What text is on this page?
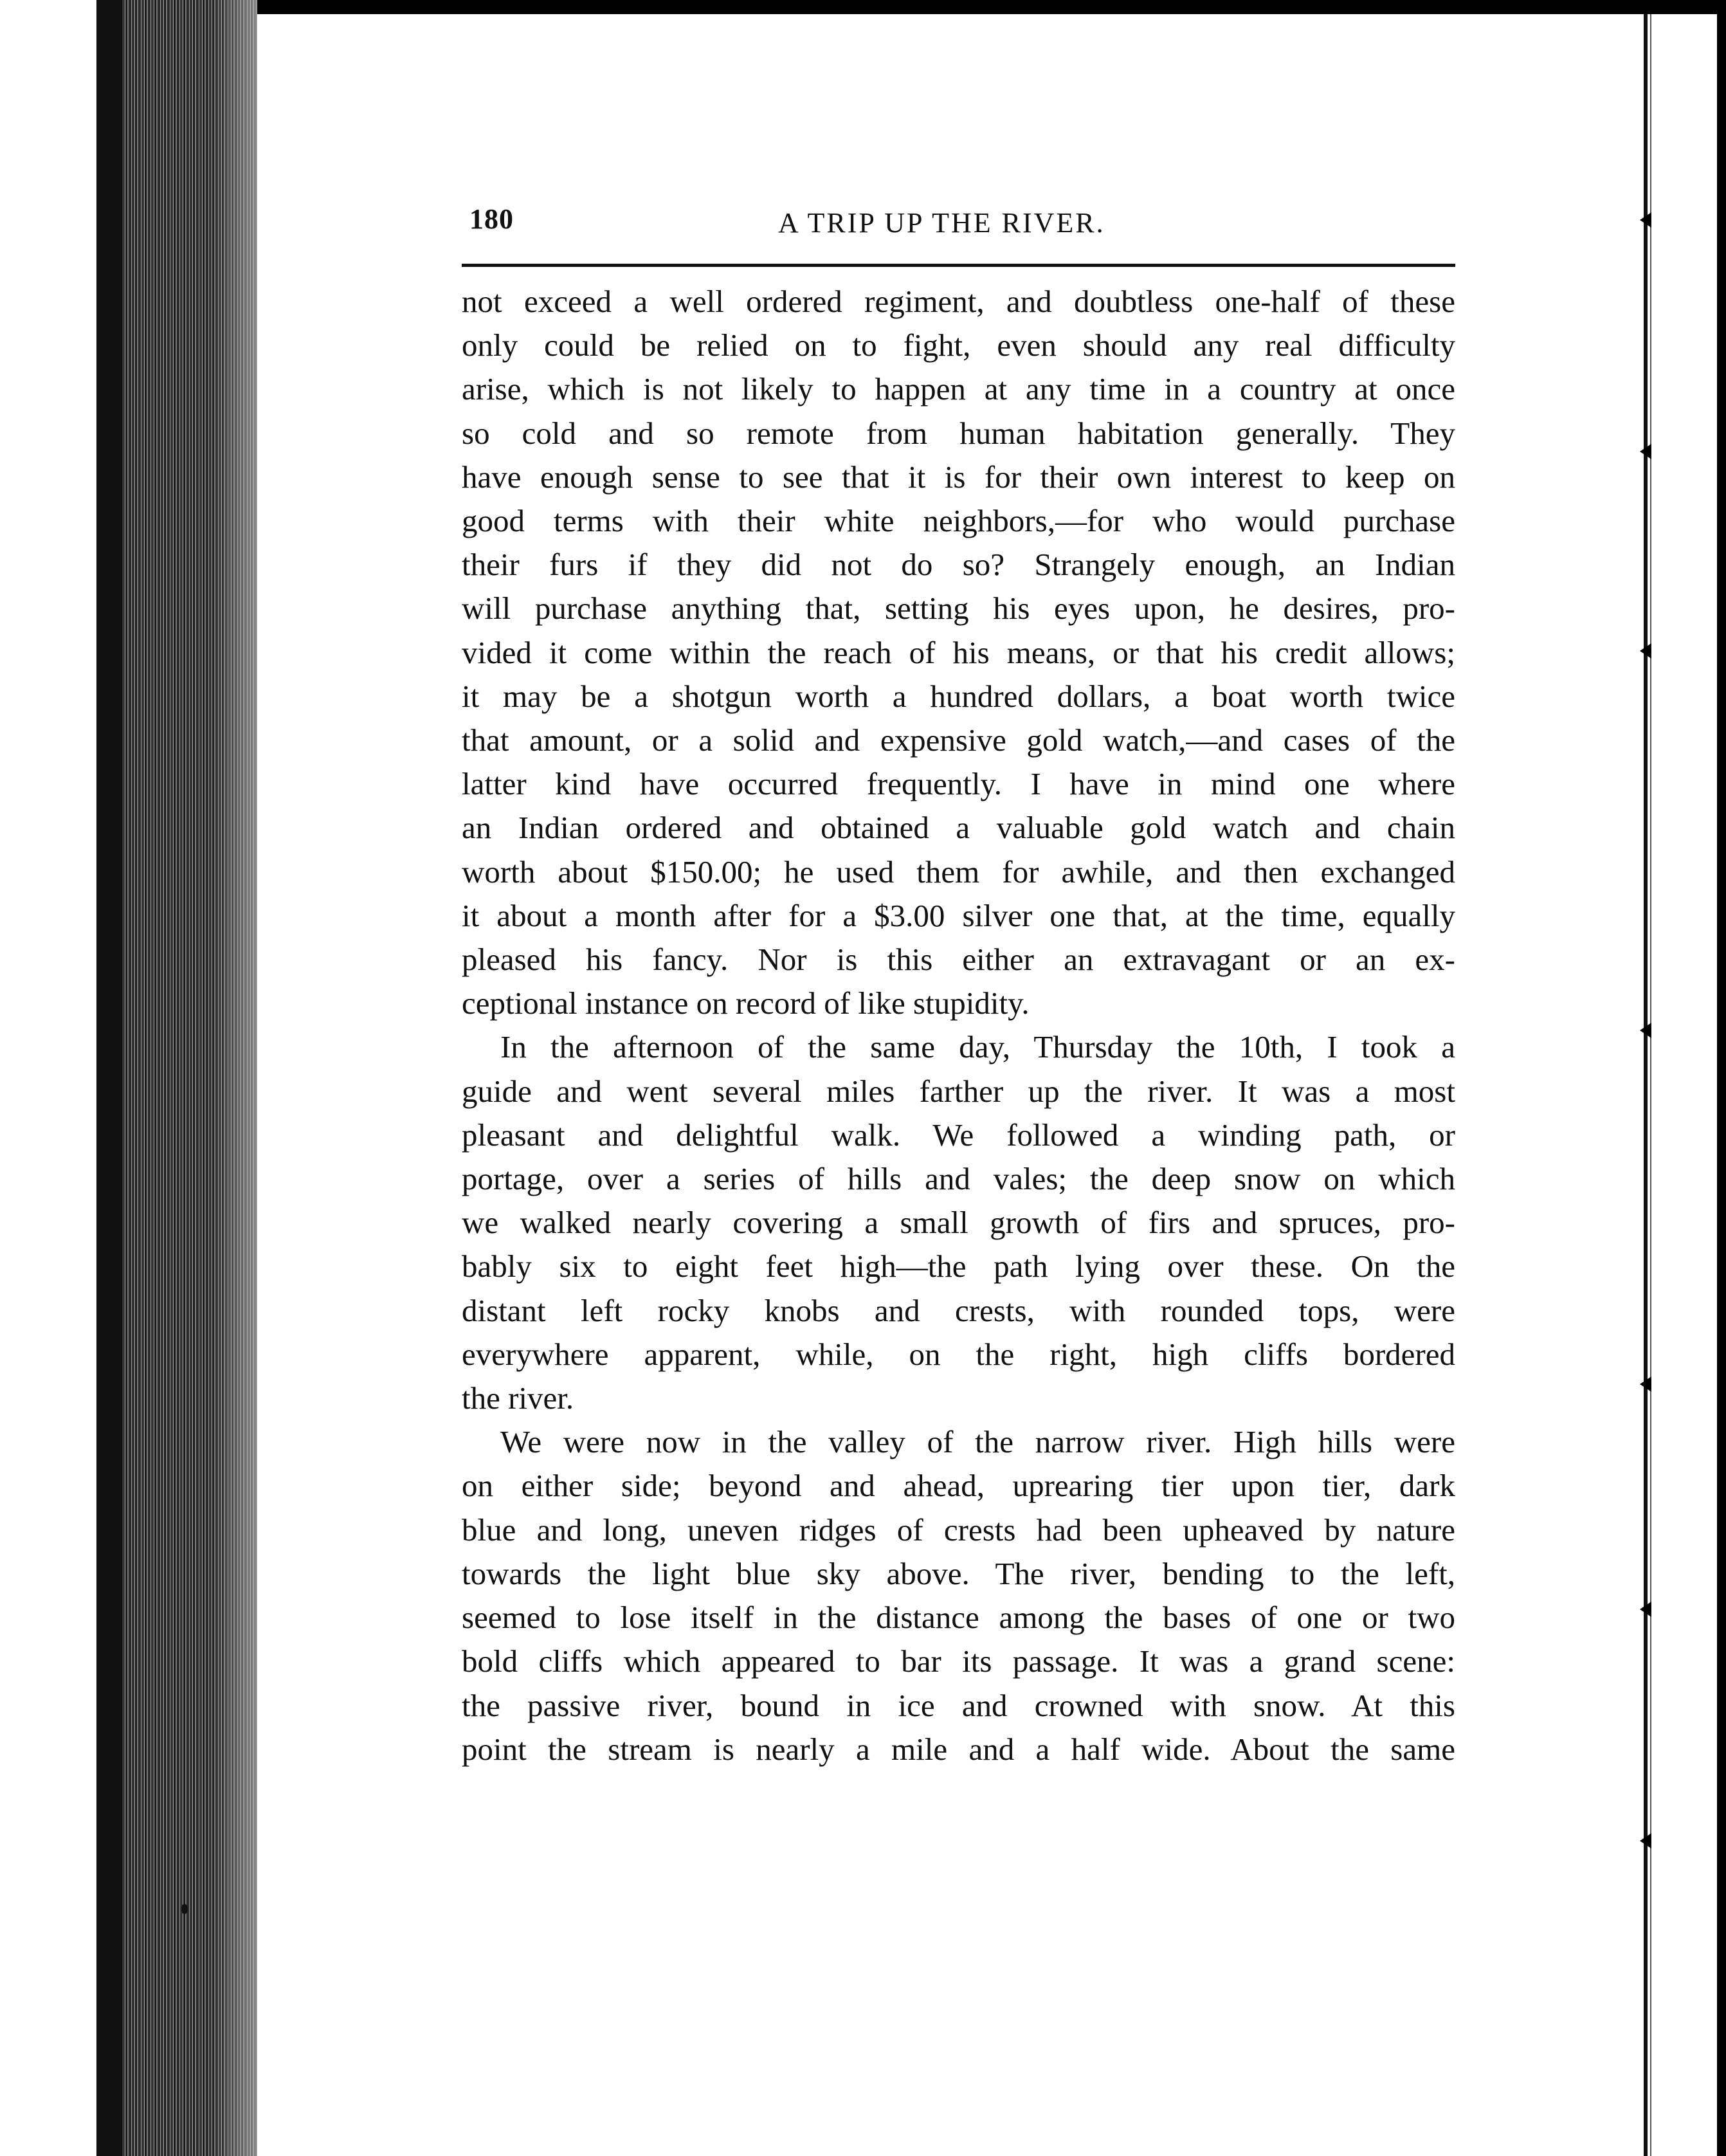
180	A TRIP UP THE RIVER.

not exceed a well ordered regiment, and doubtless one-half of these

only could be relied on to fight, even should any real difficulty

arise, which is not likely to happen at any time in a country at once

so cold and so remote from human habitation generally. They

have enough sense to see that it is for their own interest to keep on

good terms with their white neighbors,—for who would purchase

their furs if they did not do so? Strangely enough, an Indian

will purchase anything that, setting his eyes upon, he desires, pro-

vided it come within the reach of his means, or that his credit allows;

it may be a shotgun worth a hundred dollars, a boat worth twice

that amount, or a solid and expensive gold watch,—and cases of the

latter kind have occurred frequently. I have in mind one where

an Indian ordered and obtained a valuable gold watch and chain

worth about $150.00; he used them for awhile, and then exchanged

it about a month after for a $3.00 silver one that, at the time, equally

pleased his fancy. Nor is this either an extravagant or an ex-

ceptional instance on record of like stupidity.

In the afternoon of the same day, Thursday the 10th, I took a

guide and went several miles farther up the river. It was a most

pleasant and delightful walk. We followed a winding path, or

portage, over a series of hills and vales; the deep snow on which

we walked nearly covering a small growth of firs and spruces, pro-

bably six to eight feet high—the path lying over these. On the

distant left rocky knobs and crests, with rounded tops, were

everywhere apparent, while, on the right, high cliffs bordered

the river.

We were now in the valley of the narrow river. High hills were

on either side; beyond and ahead, uprearing tier upon tier, dark

blue and long, uneven ridges of crests had been upheaved by nature

towards the light blue sky above. The river, bending to the left,

seemed to lose itself in the distance among the bases of one or two

bold cliffs which appeared to bar its passage. It was a grand scene:

the passive river, bound in ice and crowned with snow. At this

point the stream is nearly a mile and a half wide. About the same
